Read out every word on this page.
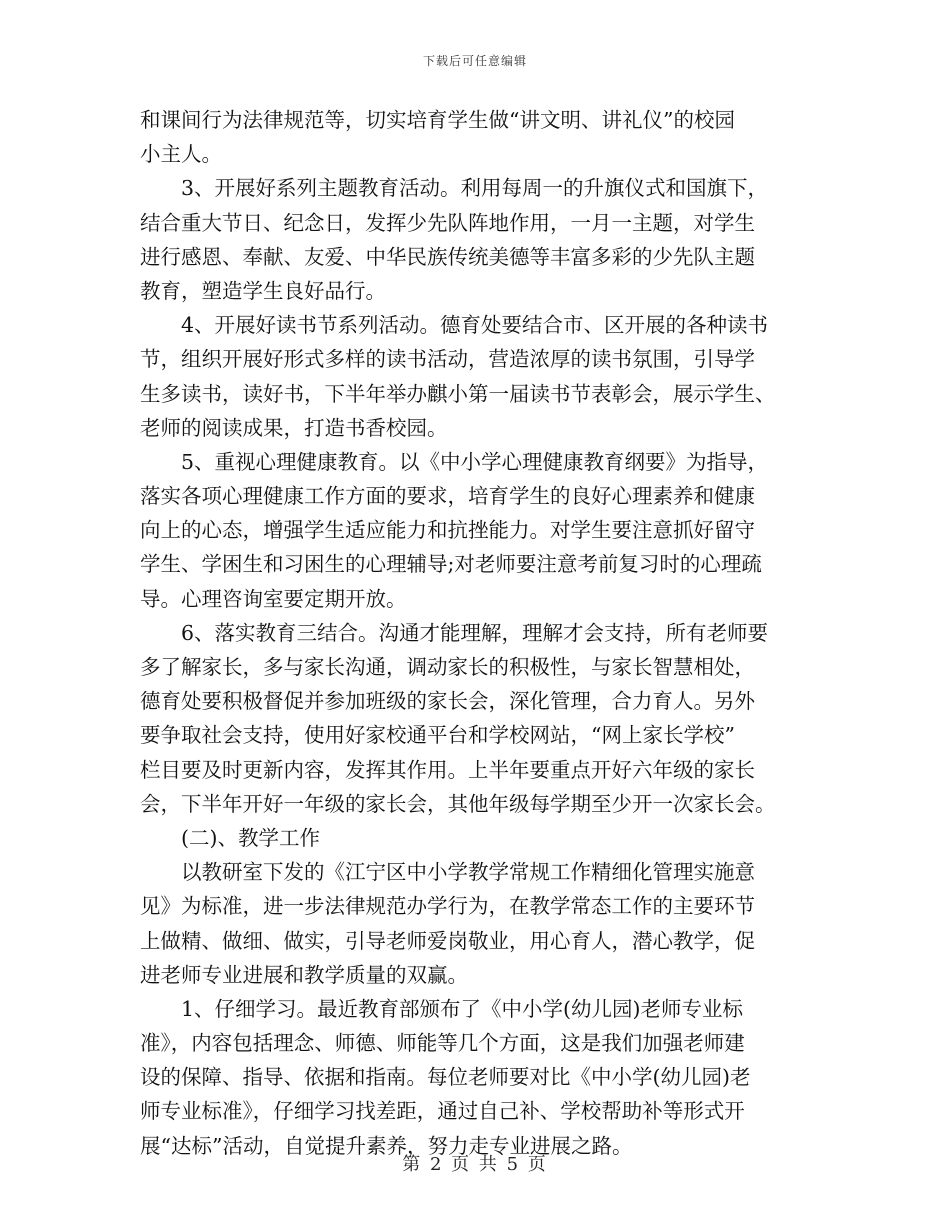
下载后可任意编辑
和课间行为法律规范等，切实培育学生做“讲文明、讲礼仪”的校园
小主人。
3、开展好系列主题教育活动。利用每周一的升旗仪式和国旗下，
结合重大节日、纪念日，发挥少先队阵地作用，一月一主题，对学生
进行感恩、奉献、友爱、中华民族传统美德等丰富多彩的少先队主题
教育，塑造学生良好品行。
4、开展好读书节系列活动。德育处要结合市、区开展的各种读书
节，组织开展好形式多样的读书活动，营造浓厚的读书氛围，引导学
生多读书，读好书，下半年举办麒小第一届读书节表彰会，展示学生、
老师的阅读成果，打造书香校园。
5、重视心理健康教育。以《中小学心理健康教育纲要》为指导，
落实各项心理健康工作方面的要求，培育学生的良好心理素养和健康
向上的心态，增强学生适应能力和抗挫能力。对学生要注意抓好留守
学生、学困生和习困生的心理辅导;对老师要注意考前复习时的心理疏
导。心理咨询室要定期开放。
6、落实教育三结合。沟通才能理解，理解才会支持，所有老师要
多了解家长，多与家长沟通，调动家长的积极性，与家长智慧相处，
德育处要积极督促并参加班级的家长会，深化管理，合力育人。另外
要争取社会支持，使用好家校通平台和学校网站，“网上家长学校”
栏目要及时更新内容，发挥其作用。上半年要重点开好六年级的家长
会，下半年开好一年级的家长会，其他年级每学期至少开一次家长会。
(二)、教学工作
以教研室下发的《江宁区中小学教学常规工作精细化管理实施意
见》为标准，进一步法律规范办学行为，在教学常态工作的主要环节
上做精、做细、做实，引导老师爱岗敬业，用心育人，潜心教学，促
进老师专业进展和教学质量的双赢。
1、仔细学习。最近教育部颁布了《中小学(幼儿园)老师专业标
准》，内容包括理念、师德、师能等几个方面，这是我们加强老师建
设的保障、指导、依据和指南。每位老师要对比《中小学(幼儿园)老
师专业标准》，仔细学习找差距，通过自己补、学校帮助补等形式开
展“达标”活动，自觉提升素养，努力走专业进展之路。
第 2 页 共 5 页
